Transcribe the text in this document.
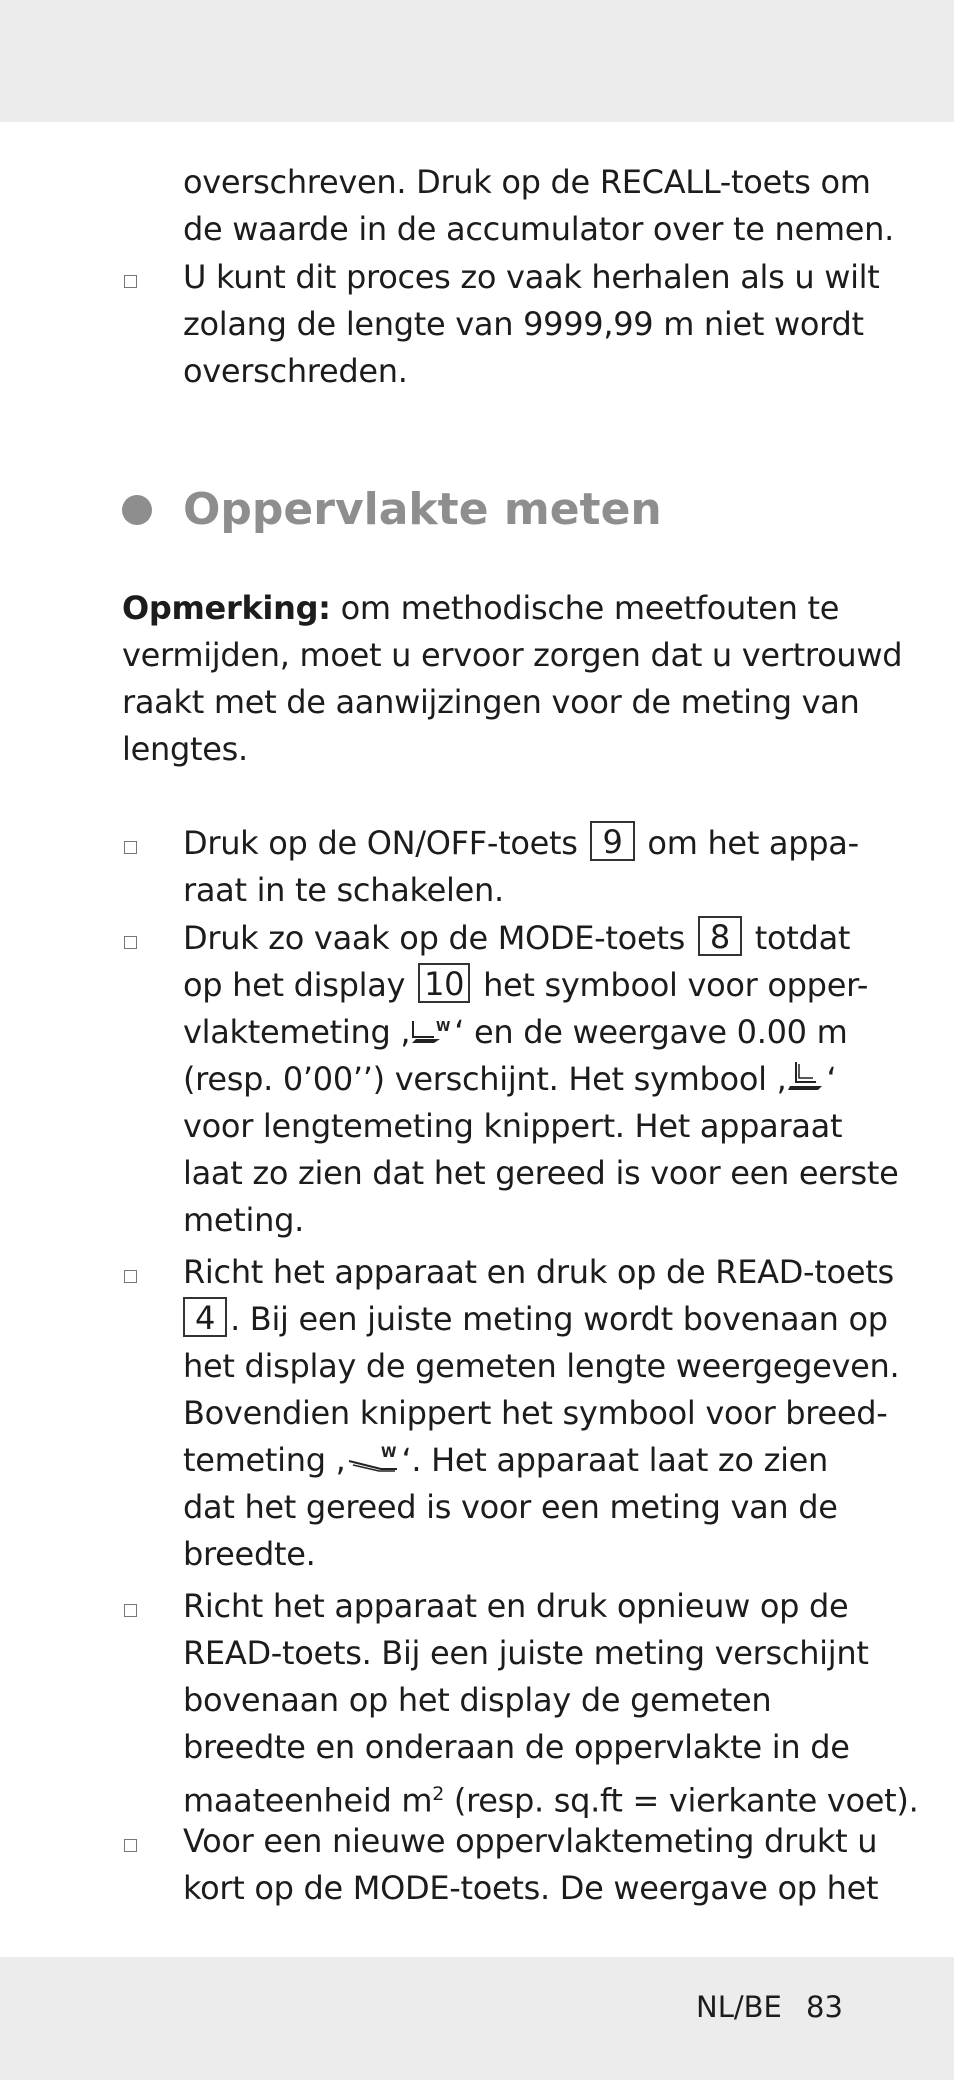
overschreven. Druk op de RECALL-toets om
de waarde in de accumulator over te nemen.
U kunt dit proces zo vaak herhalen als u wilt
zolang de lengte van 9999,99 m niet wordt
overschreden.
Oppervlakte meten
Opmerking: om methodische meetfouten te
vermijden, moet u ervoor zorgen dat u vertrouwd
raakt met de aanwijzingen voor de meting van
lengtes.
Druk op de ON/OFF-toets 9 om het appa-
raat in te schakelen.
Druk zo vaak op de MODE-toets 8 totdat
op het display 10 het symbool voor opper-
vlaktemeting , W ‘ en de weergave 0.00 m
(resp. 0’00’’) verschijnt. Het symbool , ‘
voor lengtemeting knippert. Het apparaat
laat zo zien dat het gereed is voor een eerste
meting.
Richt het apparaat en druk op de READ-toets
4 . Bij een juiste meting wordt bovenaan op
het display de gemeten lengte weergegeven.
Bovendien knippert het symbool voor breed-
temeting ,	W ‘. Het apparaat laat zo zien
dat het gereed is voor een meting van de
breedte.
Richt het apparaat en druk opnieuw op de
READ-toets. Bij een juiste meting verschijnt
bovenaan op het display de gemeten
breedte en onderaan de oppervlakte in de
maateenheid $m^2$ (resp. sq.ft = vierkante voet).
Voor een nieuwe oppervlaktemeting drukt u
kort op de MODE-toets. De weergave op het
NL/BE 83
